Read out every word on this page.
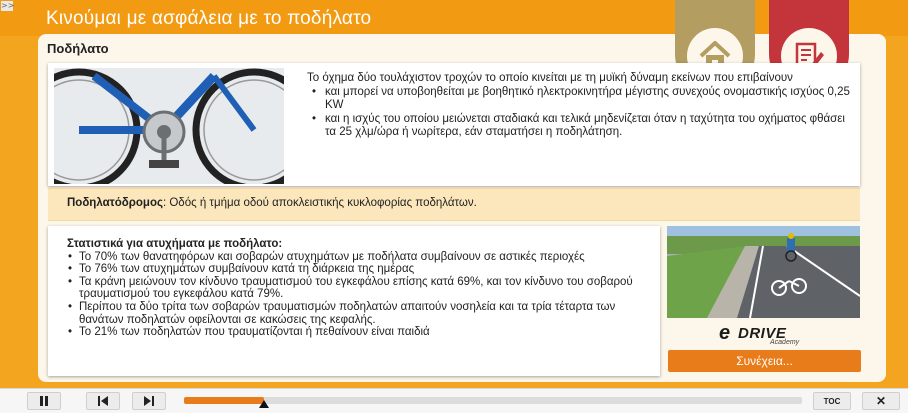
>>
Κινούμαι με ασφάλεια με το ποδήλατο
Ποδήλατο
Το όχημα δύο τουλάχιστον τροχών το οποίο κινείται με τη μυϊκή δύναμη εκείνων που επιβαίνουν
• και μπορεί να υποβοηθείται με βοηθητικό ηλεκτροκινητήρα μέγιστης συνεχούς ονομαστικής ισχύος 0,25 KW
• και η ισχύς του οποίου μειώνεται σταδιακά και τελικά μηδενίζεται όταν η ταχύτητα του οχήματος φθάσει τα 25 χλμ/ώρα ή νωρίτερα, εάν σταματήσει η ποδηλάτηση.
Ποδηλατόδρομος: Οδός ή τμήμα οδού αποκλειστικής κυκλοφορίας ποδηλάτων.
Στατιστικά για ατυχήματα με ποδήλατο:
• Το 70% των θανατηφόρων και σοβαρών ατυχημάτων με ποδήλατα συμβαίνουν σε αστικές περιοχές
• Το 76% των ατυχημάτων συμβαίνουν κατά τη διάρκεια της ημέρας
• Τα κράνη μειώνουν τον κίνδυνο τραυματισμού του εγκεφάλου επίσης κατά 69%, και τον κίνδυνο του σοβαρού τραυματισμού του εγκεφάλου κατά 79%.
• Περίπου τα δύο τρίτα των σοβαρών τραυματισμών ποδηλατών απαιτούν νοσηλεία και τα τρία τέταρτα των θανάτων ποδηλατών οφείλονται σε κακώσεις της κεφαλής.
• Το 21% των ποδηλατών που τραυματίζονται ή πεθαίνουν είναι παιδιά	e DRIVE
Academy
Συνέχεια...
TOC	✕
